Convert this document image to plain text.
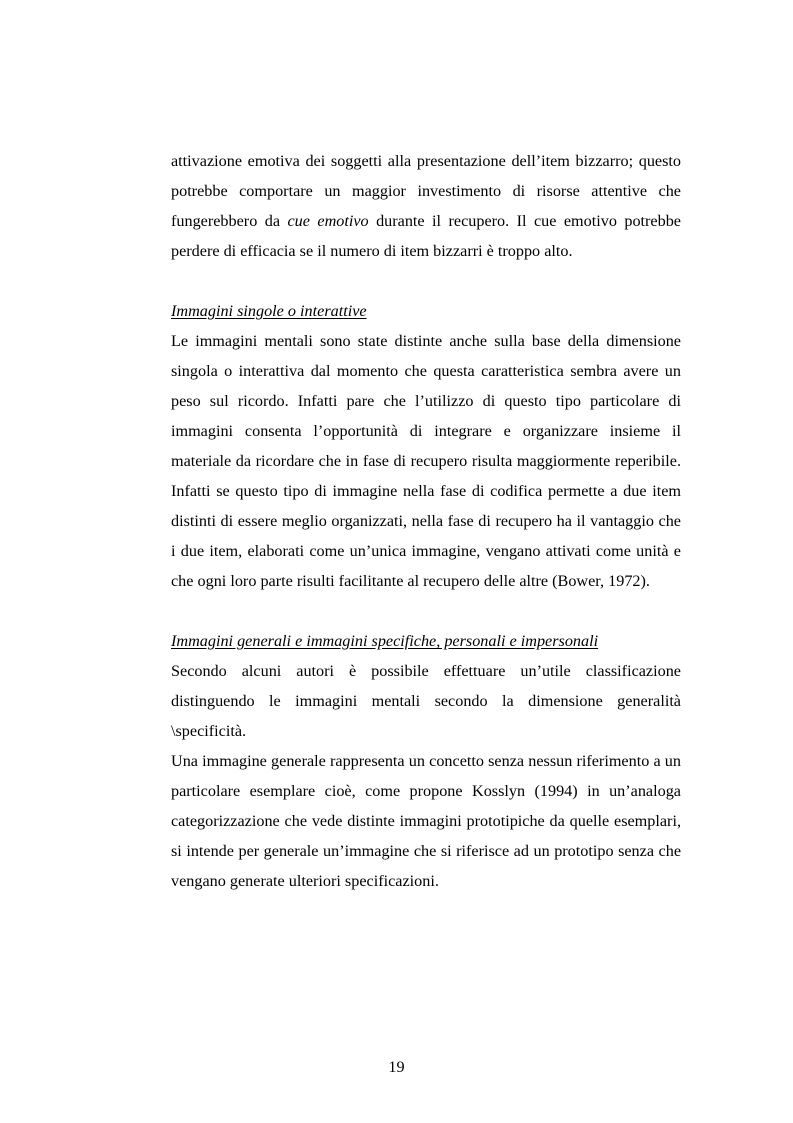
attivazione emotiva dei soggetti alla presentazione dell’item bizzarro; questo potrebbe comportare un maggior investimento di risorse attentive che fungerebbero da cue emotivo durante il recupero. Il cue emotivo potrebbe perdere di efficacia se il numero di item bizzarri è troppo alto.

Immagini singole o interattive

Le immagini mentali sono state distinte anche sulla base della dimensione singola o interattiva dal momento che questa caratteristica sembra avere un peso sul ricordo. Infatti pare che l’utilizzo di questo tipo particolare di immagini consenta l’opportunità di integrare e organizzare insieme il materiale da ricordare che in fase di recupero risulta maggiormente reperibile. Infatti se questo tipo di immagine nella fase di codifica permette a due item distinti di essere meglio organizzati, nella fase di recupero ha il vantaggio che i due item, elaborati come un’unica immagine, vengano attivati come unità e che ogni loro parte risulti facilitante al recupero delle altre (Bower, 1972).

Immagini generali e immagini specifiche, personali e impersonali

Secondo alcuni autori è possibile effettuare un’utile classificazione distinguendo le immagini mentali secondo la dimensione generalità \specificità.

Una immagine generale rappresenta un concetto senza nessun riferimento a un particolare esemplare cioè, come propone Kosslyn (1994) in un’analoga categorizzazione che vede distinte immagini prototipiche da quelle esemplari, si intende per generale un’immagine che si riferisce ad un prototipo senza che vengano generate ulteriori specificazioni.

19
